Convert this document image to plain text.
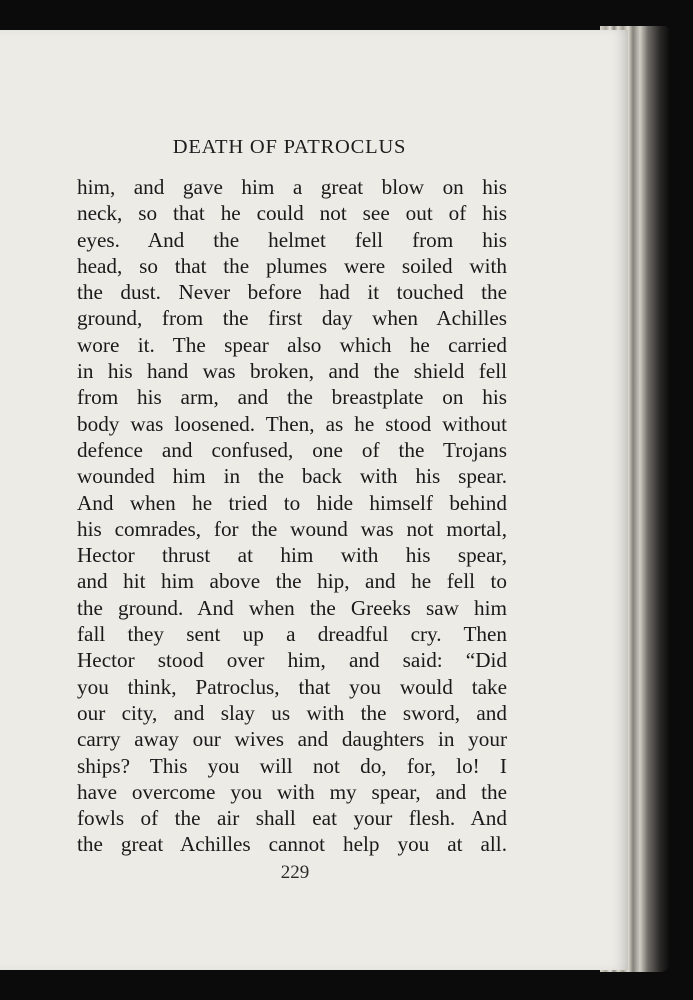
DEATH OF PATROCLUS
him, and gave him a great blow on his
neck, so that he could not see out of his
eyes. And the helmet fell from his
head, so that the plumes were soiled with
the dust. Never before had it touched the
ground, from the first day when Achilles
wore it. The spear also which he carried
in his hand was broken, and the shield fell
from his arm, and the breastplate on his
body was loosened. Then, as he stood without
defence and confused, one of the Trojans
wounded him in the back with his spear.
And when he tried to hide himself behind
his comrades, for the wound was not mortal,
Hector thrust at him with his spear,
and hit him above the hip, and he fell to
the ground. And when the Greeks saw him
fall they sent up a dreadful cry. Then
Hector stood over him, and said: “Did
you think, Patroclus, that you would take
our city, and slay us with the sword, and
carry away our wives and daughters in your
ships? This you will not do, for, lo! I
have overcome you with my spear, and the
fowls of the air shall eat your flesh. And
the great Achilles cannot help you at all.
229
